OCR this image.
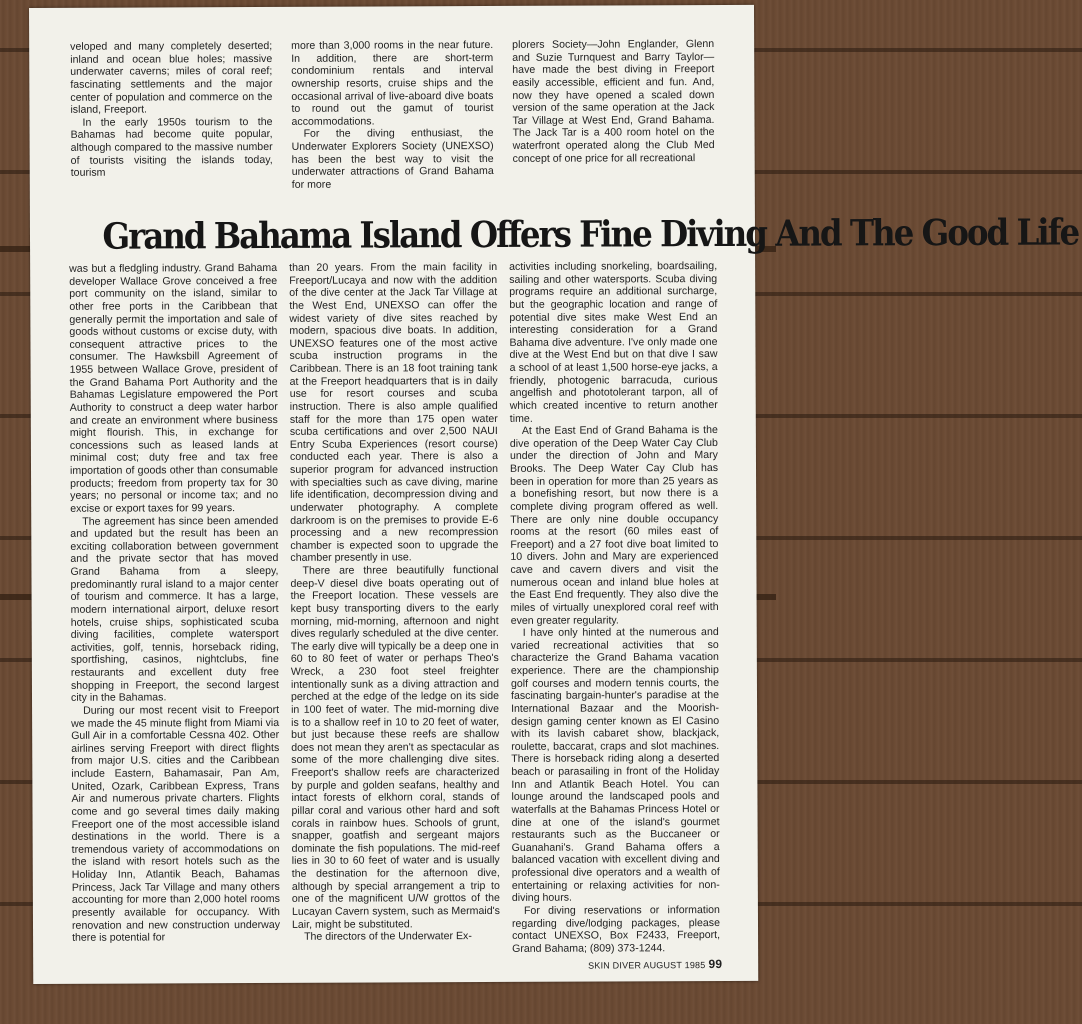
veloped and many completely deserted; inland and ocean blue holes; massive underwater caverns; miles of coral reef; fascinating settlements and the major center of population and commerce on the island, Freeport.

In the early 1950s tourism to the Bahamas had become quite popular, although compared to the massive number of tourists visiting the islands today, tourism

more than 3,000 rooms in the near future. In addition, there are short-term condominium rentals and interval ownership resorts, cruise ships and the occasional arrival of live-aboard dive boats to round out the gamut of tourist accommodations.

For the diving enthusiast, the Underwater Explorers Society (UNEXSO) has been the best way to visit the underwater attractions of Grand Bahama for more

plorers Society—John Englander, Glenn and Suzie Turnquest and Barry Taylor—have made the best diving in Freeport easily accessible, efficient and fun. And, now they have opened a scaled down version of the same operation at the Jack Tar Village at West End, Grand Bahama. The Jack Tar is a 400 room hotel on the waterfront operated along the Club Med concept of one price for all recreational

Grand Bahama Island Offers Fine Diving And The Good Life

was but a fledgling industry. Grand Bahama developer Wallace Grove conceived a free port community on the island, similar to other free ports in the Caribbean that generally permit the importation and sale of goods without customs or excise duty, with consequent attractive prices to the consumer. The Hawksbill Agreement of 1955 between Wallace Grove, president of the Grand Bahama Port Authority and the Bahamas Legislature empowered the Port Authority to construct a deep water harbor and create an environment where business might flourish. This, in exchange for concessions such as leased lands at minimal cost; duty free and tax free importation of goods other than consumable products; freedom from property tax for 30 years; no personal or income tax; and no excise or export taxes for 99 years.

The agreement has since been amended and updated but the result has been an exciting collaboration between government and the private sector that has moved Grand Bahama from a sleepy, predominantly rural island to a major center of tourism and commerce. It has a large, modern international airport, deluxe resort hotels, cruise ships, sophisticated scuba diving facilities, complete watersport activities, golf, tennis, horseback riding, sportfishing, casinos, nightclubs, fine restaurants and excellent duty free shopping in Freeport, the second largest city in the Bahamas.

During our most recent visit to Freeport we made the 45 minute flight from Miami via Gull Air in a comfortable Cessna 402. Other airlines serving Freeport with direct flights from major U.S. cities and the Caribbean include Eastern, Bahamasair, Pan Am, United, Ozark, Caribbean Express, Trans Air and numerous private charters. Flights come and go several times daily making Freeport one of the most accessible island destinations in the world. There is a tremendous variety of accommodations on the island with resort hotels such as the Holiday Inn, Atlantik Beach, Bahamas Princess, Jack Tar Village and many others accounting for more than 2,000 hotel rooms presently available for occupancy. With renovation and new construction underway there is potential for

than 20 years. From the main facility in Freeport/Lucaya and now with the addition of the dive center at the Jack Tar Village at the West End, UNEXSO can offer the widest variety of dive sites reached by modern, spacious dive boats. In addition, UNEXSO features one of the most active scuba instruction programs in the Caribbean. There is an 18 foot training tank at the Freeport headquarters that is in daily use for resort courses and scuba instruction. There is also ample qualified staff for the more than 175 open water scuba certifications and over 2,500 NAUI Entry Scuba Experiences (resort course) conducted each year. There is also a superior program for advanced instruction with specialties such as cave diving, marine life identification, decompression diving and underwater photography. A complete darkroom is on the premises to provide E-6 processing and a new recompression chamber is expected soon to upgrade the chamber presently in use.

There are three beautifully functional deep-V diesel dive boats operating out of the Freeport location. These vessels are kept busy transporting divers to the early morning, mid-morning, afternoon and night dives regularly scheduled at the dive center. The early dive will typically be a deep one in 60 to 80 feet of water or perhaps Theo's Wreck, a 230 foot steel freighter intentionally sunk as a diving attraction and perched at the edge of the ledge on its side in 100 feet of water. The mid-morning dive is to a shallow reef in 10 to 20 feet of water, but just because these reefs are shallow does not mean they aren't as spectacular as some of the more challenging dive sites. Freeport's shallow reefs are characterized by purple and golden seafans, healthy and intact forests of elkhorn coral, stands of pillar coral and various other hard and soft corals in rainbow hues. Schools of grunt, snapper, goatfish and sergeant majors dominate the fish populations. The mid-reef lies in 30 to 60 feet of water and is usually the destination for the afternoon dive, although by special arrangement a trip to one of the magnificent U/W grottos of the Lucayan Cavern system, such as Mermaid's Lair, might be substituted.

The directors of the Underwater Ex-

activities including snorkeling, boardsailing, sailing and other watersports. Scuba diving programs require an additional surcharge, but the geographic location and range of potential dive sites make West End an interesting consideration for a Grand Bahama dive adventure. I've only made one dive at the West End but on that dive I saw a school of at least 1,500 horse-eye jacks, a friendly, photogenic barracuda, curious angelfish and phototolerant tarpon, all of which created incentive to return another time.

At the East End of Grand Bahama is the dive operation of the Deep Water Cay Club under the direction of John and Mary Brooks. The Deep Water Cay Club has been in operation for more than 25 years as a bonefishing resort, but now there is a complete diving program offered as well. There are only nine double occupancy rooms at the resort (60 miles east of Freeport) and a 27 foot dive boat limited to 10 divers. John and Mary are experienced cave and cavern divers and visit the numerous ocean and inland blue holes at the East End frequently. They also dive the miles of virtually unexplored coral reef with even greater regularity.

I have only hinted at the numerous and varied recreational activities that so characterize the Grand Bahama vacation experience. There are the championship golf courses and modern tennis courts, the fascinating bargain-hunter's paradise at the International Bazaar and the Moorish-design gaming center known as El Casino with its lavish cabaret show, blackjack, roulette, baccarat, craps and slot machines. There is horseback riding along a deserted beach or parasailing in front of the Holiday Inn and Atlantik Beach Hotel. You can lounge around the landscaped pools and waterfalls at the Bahamas Princess Hotel or dine at one of the island's gourmet restaurants such as the Buccaneer or Guanahani's. Grand Bahama offers a balanced vacation with excellent diving and professional dive operators and a wealth of entertaining or relaxing activities for non-diving hours.

For diving reservations or information regarding dive/lodging packages, please contact UNEXSO, Box F2433, Freeport, Grand Bahama; (809) 373-1244.

SKIN DIVER AUGUST 1985 99
